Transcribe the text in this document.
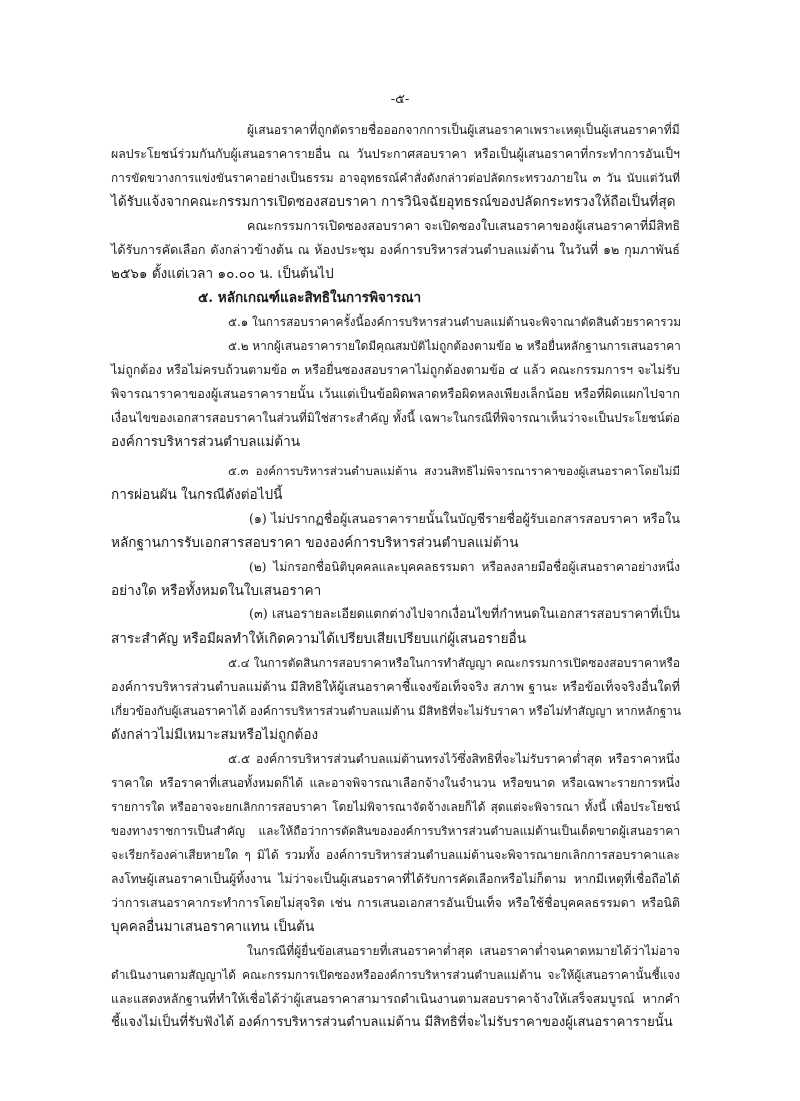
-๕-
ผู้เสนอราคาที่ถูกตัดรายชื่อออกจากการเป็นผู้เสนอราคาเพราะเหตุเป็นผู้เสนอราคาที่มี
ผลประโยชน์ร่วมกันกับผู้เสนอราคารายอื่น ณ วันประกาศสอบราคา หรือเป็นผู้เสนอราคาที่กระทำการอันเป็ฯ
การขัดขวางการแข่งขันราคาอย่างเป็นธรรม อาจอุทธรณ์คำสั่งดังกล่าวต่อปลัดกระทรวงภายใน ๓ วัน นับแต่วันที่
ได้รับแจ้งจากคณะกรรมการเปิดซองสอบราคา การวินิจฉัยอุทธรณ์ของปลัดกระทรวงให้ถือเป็นที่สุด
คณะกรรมการเปิดซองสอบราคา จะเปิดซองใบเสนอราคาของผู้เสนอราคาที่มีสิทธิ
ได้รับการคัดเลือก ดังกล่าวข้างต้น ณ ห้องประชุม องค์การบริหารส่วนตำบลแม่ต้าน ในวันที่ ๑๒ กุมภาพันธ์
๒๕๖๑ ตั้งแต่เวลา ๑๐.๐๐ น. เป็นต้นไป
๕. หลักเกณฑ์และสิทธิในการพิจารณา
๕.๑ ในการสอบราคาครั้งนี้องค์การบริหารส่วนตำบลแม่ต้านจะพิจาณาตัดสินด้วยราคารวม
๕.๒ หากผู้เสนอราคารายใดมีคุณสมบัติไม่ถูกต้องตามข้อ ๒ หรือยื่นหลักฐานการเสนอราคา
ไม่ถูกต้อง หรือไม่ครบถ้วนตามข้อ ๓ หรือยื่นซองสอบราคาไม่ถูกต้องตามข้อ ๔ แล้ว คณะกรรมการฯ จะไม่รับ
พิจารณาราคาของผู้เสนอราคารายนั้น เว้นแต่เป็นข้อผิดพลาดหรือผิดหลงเพียงเล็กน้อย หรือที่ผิดแผกไปจาก
เงื่อนไขของเอกสารสอบราคาในส่วนที่มิใช่สาระสำคัญ ทั้งนี้ เฉพาะในกรณีที่พิจารณาเห็นว่าจะเป็นประโยชน์ต่อ
องค์การบริหารส่วนตำบลแม่ต้าน
๕.๓ องค์การบริหารส่วนตำบลแม่ต้าน สงวนสิทธิไม่พิจารณาราคาของผู้เสนอราคาโดยไม่มี
การผ่อนผัน ในกรณีดังต่อไปนี้
(๑) ไม่ปรากฏชื่อผู้เสนอราคารายนั้นในบัญชีรายชื่อผู้รับเอกสารสอบราคา หรือใน
หลักฐานการรับเอกสารสอบราคา ขององค์การบริหารส่วนตำบลแม่ต้าน
(๒) ไม่กรอกชื่อนิติบุคคลและบุคคลธรรมดา หรือลงลายมือชื่อผู้เสนอราคาอย่างหนึ่ง
อย่างใด หรือทั้งหมดในใบเสนอราคา
(๓) เสนอรายละเอียดแตกต่างไปจากเงื่อนไขที่กำหนดในเอกสารสอบราคาที่เป็น
สาระสำคัญ หรือมีผลทำให้เกิดความได้เปรียบเสียเปรียบแก่ผู้เสนอรายอื่น
๕.๔ ในการตัดสินการสอบราคาหรือในการทำสัญญา คณะกรรมการเปิดซองสอบราคาหรือ
องค์การบริหารส่วนตำบลแม่ต้าน มีสิทธิให้ผู้เสนอราคาชี้แจงข้อเท็จจริง สภาพ ฐานะ หรือข้อเท็จจริงอื่นใดที่
เกี่ยวข้องกับผู้เสนอราคาได้ องค์การบริหารส่วนตำบลแม่ต้าน มีสิทธิที่จะไม่รับราคา หรือไม่ทำสัญญา หากหลักฐาน
ดังกล่าวไม่มีเหมาะสมหรือไม่ถูกต้อง
๕.๕ องค์การบริหารส่วนตำบลแม่ต้านทรงไว้ซึ่งสิทธิที่จะไม่รับราคาต่ำสุด หรือราคาหนึ่ง
ราคาใด หรือราคาที่เสนอทั้งหมดก็ได้ และอาจพิจารณาเลือกจ้างในจำนวน หรือขนาด หรือเฉพาะรายการหนึ่ง
รายการใด หรืออาจจะยกเลิกการสอบราคา โดยไม่พิจารณาจัดจ้างเลยก็ได้ สุดแต่จะพิจารณา ทั้งนี้ เพื่อประโยชน์
ของทางราชการเป็นสำคัญ และให้ถือว่าการตัดสินขององค์การบริหารส่วนตำบลแม่ต้านเป็นเด็ดขาดผู้เสนอราคา
จะเรียกร้องค่าเสียหายใด ๆ มิได้ รวมทั้ง องค์การบริหารส่วนตำบลแม่ต้านจะพิจารณายกเลิกการสอบราคาและ
ลงโทษผู้เสนอราคาเป็นผู้ทิ้งงาน ไม่ว่าจะเป็นผู้เสนอราคาที่ได้รับการคัดเลือกหรือไม่ก็ตาม หากมีเหตุที่เชื่อถือได้
ว่าการเสนอราคากระทำการโดยไม่สุจริต เช่น การเสนอเอกสารอันเป็นเท็จ หรือใช้ชื่อบุคคลธรรมดา หรือนิติ
บุคคลอื่นมาเสนอราคาแทน เป็นต้น
ในกรณีที่ผู้ยื่นข้อเสนอรายที่เสนอราคาต่ำสุด เสนอราคาต่ำจนคาดหมายได้ว่าไม่อาจ
ดำเนินงานตามสัญญาได้ คณะกรรมการเปิดซองหรือองค์การบริหารส่วนตำบลแม่ต้าน จะให้ผู้เสนอราคานั้นชี้แจง
และแสดงหลักฐานที่ทำให้เชื่อได้ว่าผู้เสนอราคาสามารถดำเนินงานตามสอบราคาจ้างให้เสร็จสมบูรณ์ หากคำ
ชี้แจงไม่เป็นที่รับฟังได้ องค์การบริหารส่วนตำบลแม่ต้าน มีสิทธิที่จะไม่รับราคาของผู้เสนอราคารายนั้น
